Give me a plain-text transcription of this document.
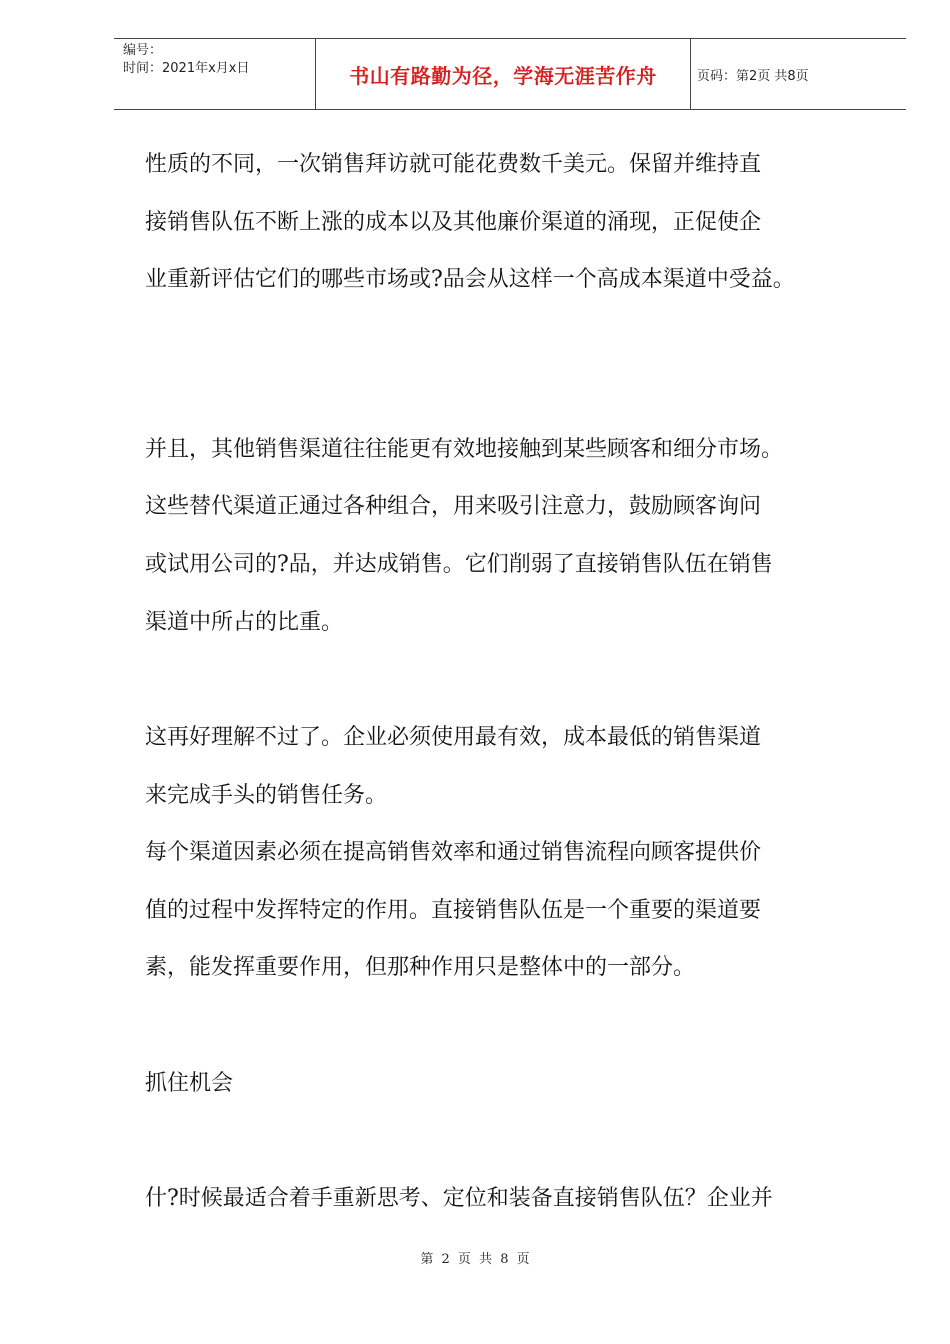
编号：
时间：2021年x月x日	书山有路勤为径，学海无涯苦作舟	页码：第2页 共8页
性质的不同，一次销售拜访就可能花费数千美元。保留并维持直
接销售队伍不断上涨的成本以及其他廉价渠道的涌现，正促使企
业重新评估它们的哪些市场或?品会从这样一个高成本渠道中受益。
并且，其他销售渠道往往能更有效地接触到某些顾客和细分市场。
这些替代渠道正通过各种组合，用来吸引注意力，鼓励顾客询问
或试用公司的?品，并达成销售。它们削弱了直接销售队伍在销售
渠道中所占的比重。
这再好理解不过了。企业必须使用最有效，成本最低的销售渠道
来完成手头的销售任务。
每个渠道因素必须在提高销售效率和通过销售流程向顾客提供价
值的过程中发挥特定的作用。直接销售队伍是一个重要的渠道要
素，能发挥重要作用，但那种作用只是整体中的一部分。
抓住机会
什?时候最适合着手重新思考、定位和装备直接销售队伍？企业并
第 2 页 共 8 页
